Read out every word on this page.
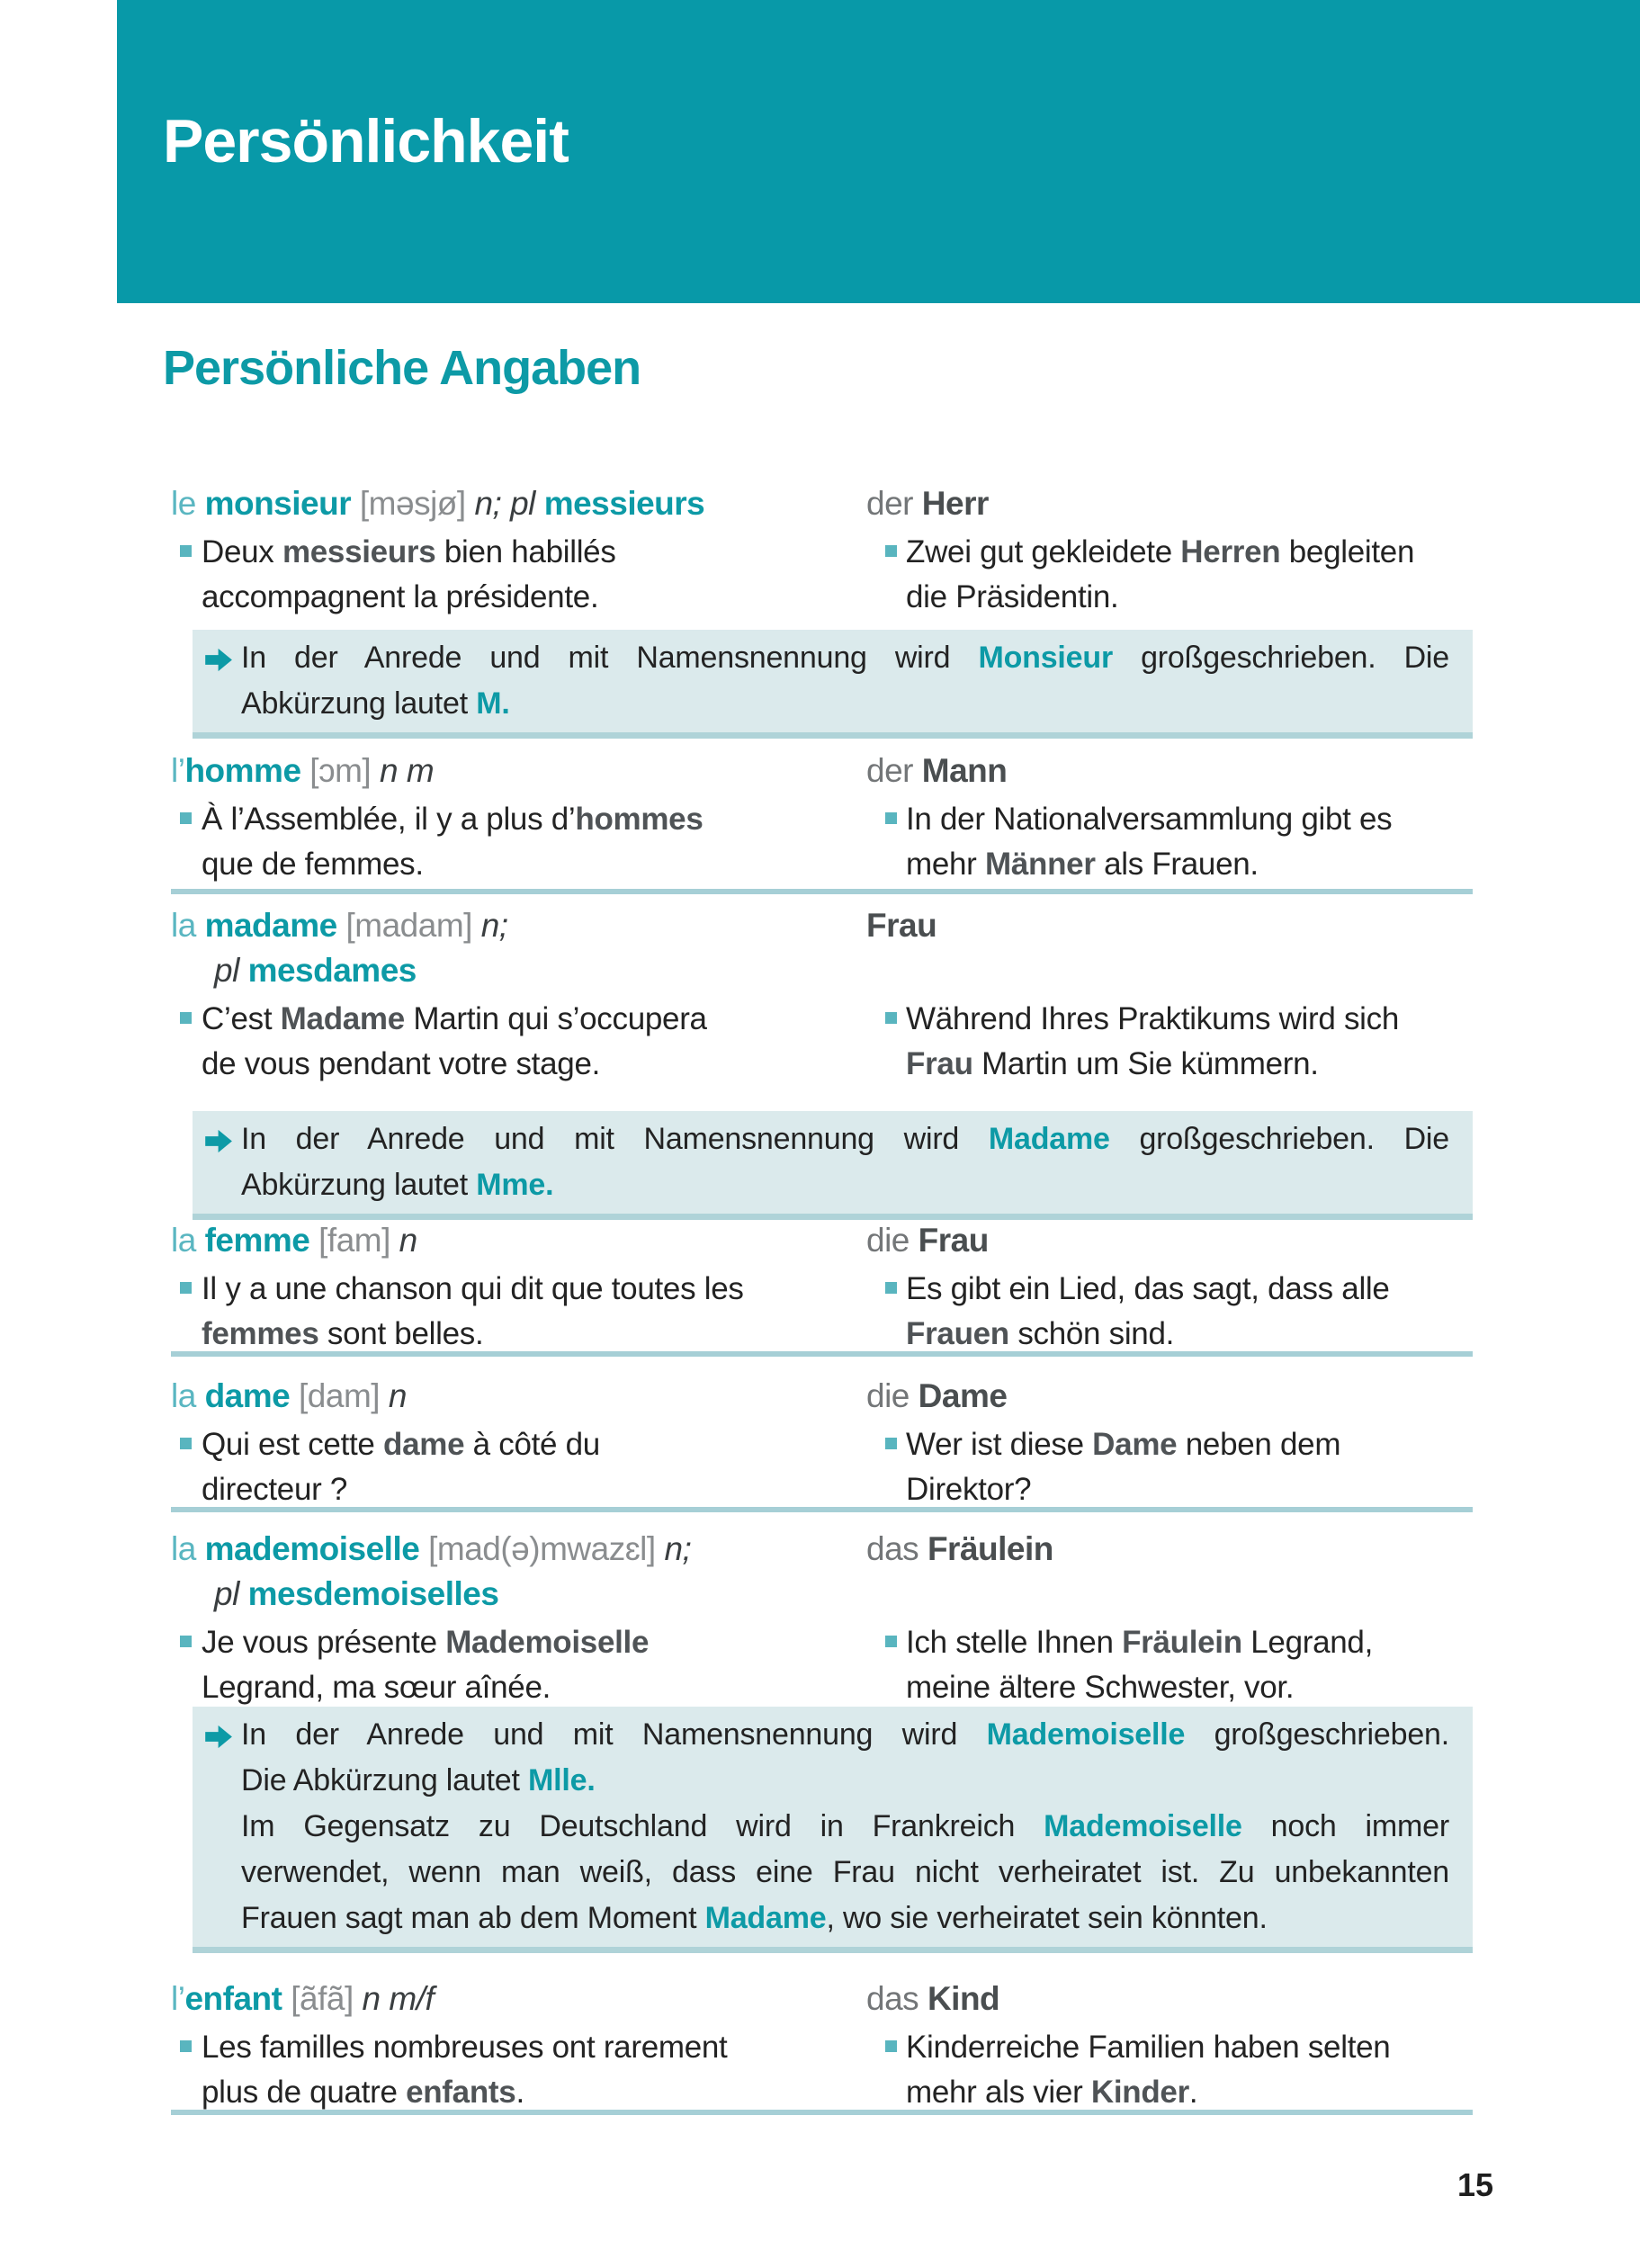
Persönlichkeit
Persönliche Angaben
le monsieur [məsjø] n; pl messieurs
Deux messieurs bien habillés accompagnent la présidente.
der Herr
Zwei gut gekleidete Herren begleiten die Präsidentin.
In der Anrede und mit Namensnennung wird Monsieur großgeschrieben. Die
Abkürzung lautet M.
l’homme [ɔm] n m
À l’Assemblée, il y a plus d’hommes que de femmes.
der Mann
In der Nationalversammlung gibt es mehr Männer als Frauen.
la madame [madam] n;
pl mesdames
C’est Madame Martin qui s’occupera de vous pendant votre stage.
Frau
Während Ihres Praktikums wird sich Frau Martin um Sie kümmern.
In der Anrede und mit Namensnennung wird Madame großgeschrieben. Die
Abkürzung lautet Mme.
la femme [fam] n
Il y a une chanson qui dit que toutes les femmes sont belles.
die Frau
Es gibt ein Lied, das sagt, dass alle Frauen schön sind.
la dame [dam] n
Qui est cette dame à côté du directeur ?
die Dame
Wer ist diese Dame neben dem Direktor?
la mademoiselle [mad(ə)mwazɛl] n;
pl mesdemoiselles
Je vous présente Mademoiselle Legrand, ma sœur aînée.
das Fräulein
Ich stelle Ihnen Fräulein Legrand, meine ältere Schwester, vor.
In der Anrede und mit Namensnennung wird Mademoiselle großgeschrieben.
Die Abkürzung lautet Mlle.
Im Gegensatz zu Deutschland wird in Frankreich Mademoiselle noch immer
verwendet, wenn man weiß, dass eine Frau nicht verheiratet ist. Zu unbekannten
Frauen sagt man ab dem Moment Madame, wo sie verheiratet sein könnten.
l’enfant [ãfã] n m/f
Les familles nombreuses ont rarement plus de quatre enfants.
das Kind
Kinderreiche Familien haben selten mehr als vier Kinder.
15
